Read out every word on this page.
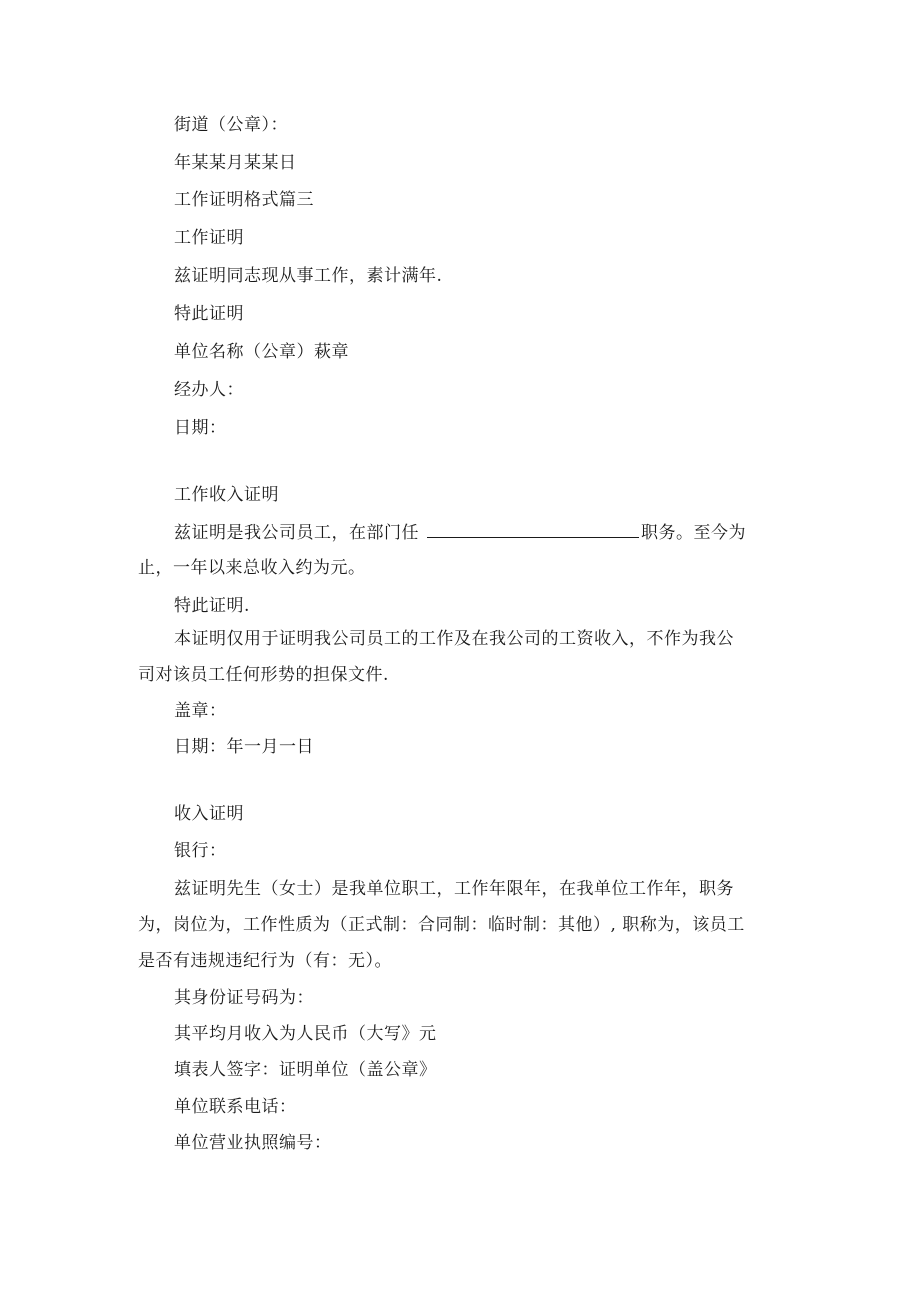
街道（公章）：
年某某月某某日
工作证明格式篇三
工作证明
兹证明同志现从事工作，素计满年.
特此证明
单位名称（公章）萩章
经办人：
日期：
工作收入证明
兹证明是我公司员工，在部门任	职务。至今为
止，一年以来总收入约为元。
特此证明.
本证明仅用于证明我公司员工的工作及在我公司的工资收入，不作为我公
司对该员工任何形势的担保文件.
盖章：
日期：年一月一日
收入证明
银行：
兹证明先生（女士）是我单位职工，工作年限年，在我单位工作年，职务
为，岗位为，工作性质为（正式制：合同制：临时制：其他）, 职称为，该员工
是否有违规违纪行为（有：无）。
其身份证号码为：
其平均月收入为人民币（大写》元
填表人签字：证明单位（盖公章》
单位联系电话：
单位营业执照编号：
